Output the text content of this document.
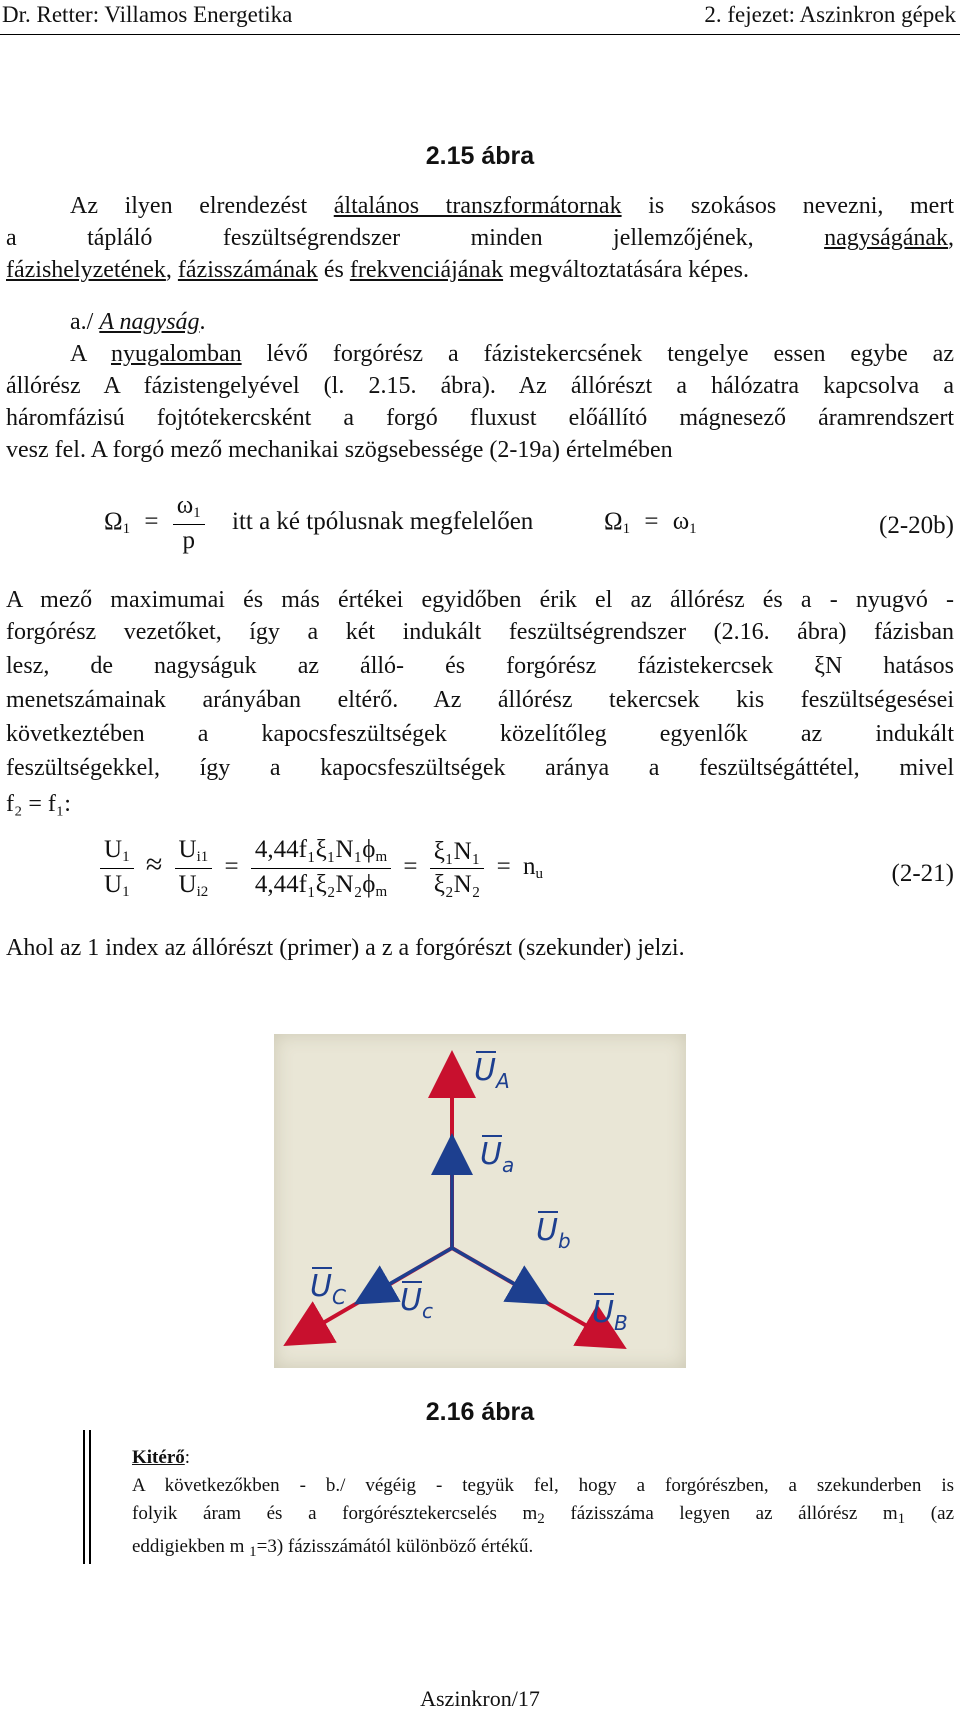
Dr. Retter: Villamos Energetika	2. fejezet: Aszinkron gépek
2.15 ábra
Az ilyen elrendezést általános transzformátornak is szokásos nevezni, mert
a	tápláló	feszültségrendszer	minden	jellemzőjének,	nagyságának,
fázishelyzetének, fázisszámának és frekvenciájának megváltoztatására képes.
a./ A nagyság.
A nyugalomban lévő forgórész a fázistekercsének tengelye essen egybe az
állórész A fázistengelyével (l. 2.15. ábra). Az állórészt a hálózatra kapcsolva a
háromfázisú fojtótekercsként a forgó fluxust előállító mágnesező áramrendszert
vesz fel. A forgó mező mechanikai szögsebessége (2-19a) értelmében
$\Omega_1 = \frac{\omega_1}{p}$ itt a ké tpólusnak megfelelően	$\Omega_1 = \omega_1$	(2-20b)
A mező maximumai és más értékei egyidőben érik el az állórész és a - nyugvó -
forgórész vezetőket, így a két indukált feszültségrendszer (2.16. ábra) fázisban
lesz, de nagyságuk az álló- és forgórész fázistekercsek ξN hatásos
menetszámainak arányában eltérő. Az állórész tekercsek kis feszültségesései
következtében a kapocsfeszültségek közelítőleg egyenlők az indukált
feszültségekkel, így a kapocsfeszültségek aránya a feszültségáttétel, mivel
f₂ = f₁:
$\frac{U_1}{U_1} \approx \frac{U_{i1}}{U_{i2}} = \frac{4,44f_1\xi_1N_1\phi_m}{4,44f_1\xi_2N_2\phi_m} = \frac{\text{ξ₁N₁}}{\text{ξ₂N₂}} = n_u$	(2-21)
Ahol az 1 index az állórészt (primer) a z a forgórészt (szekunder) jelzi.
$U_A$
$U_a$
$U_b$
$U_B$
$U_c$
$U_C$
2.16 ábra
Kitérő:
A következőkben - b./ végéig - tegyük fel, hogy a forgórészben, a szekunderben is
folyik áram és a forgórésztekercselés $m_2$ fázisszáma legyen az állórész $m_1$ (az
eddigiekben m $_1$=3) fázisszámától különböző értékű.
Aszinkron/17
